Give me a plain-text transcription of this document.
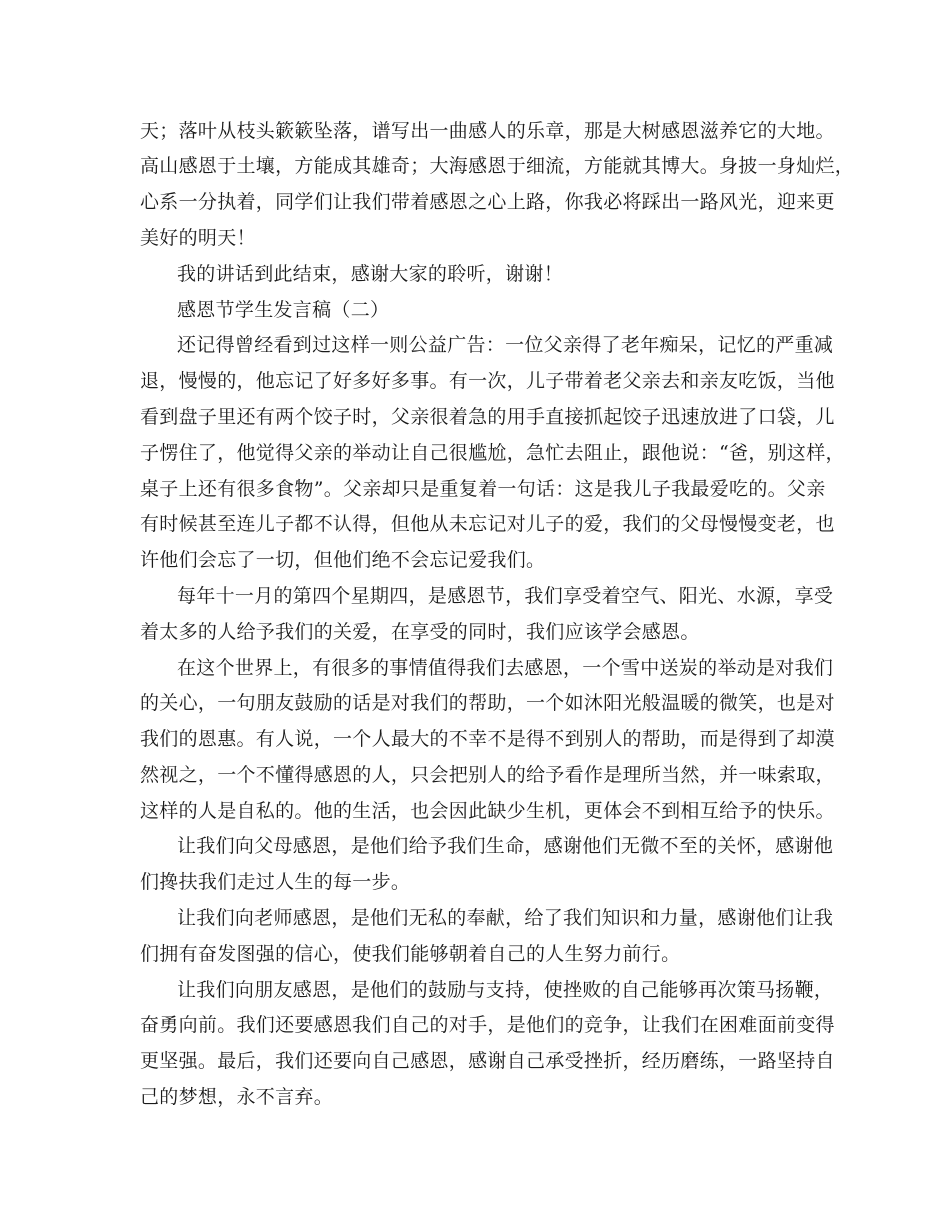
天；落叶从枝头簌簌坠落，谱写出一曲感人的乐章，那是大树感恩滋养它的大地。
高山感恩于土壤，方能成其雄奇；大海感恩于细流，方能就其博大。身披一身灿烂，
心系一分执着，同学们让我们带着感恩之心上路，你我必将踩出一路风光，迎来更
美好的明天！
我的讲话到此结束，感谢大家的聆听，谢谢！
感恩节学生发言稿（二）
还记得曾经看到过这样一则公益广告：一位父亲得了老年痴呆，记忆的严重减
退，慢慢的，他忘记了好多好多事。有一次，儿子带着老父亲去和亲友吃饭，当他
看到盘子里还有两个饺子时，父亲很着急的用手直接抓起饺子迅速放进了口袋，儿
子愣住了，他觉得父亲的举动让自己很尴尬，急忙去阻止，跟他说：“爸，别这样，
桌子上还有很多食物”。父亲却只是重复着一句话：这是我儿子我最爱吃的。父亲
有时候甚至连儿子都不认得，但他从未忘记对儿子的爱，我们的父母慢慢变老，也
许他们会忘了一切，但他们绝不会忘记爱我们。
每年十一月的第四个星期四，是感恩节，我们享受着空气、阳光、水源，享受
着太多的人给予我们的关爱，在享受的同时，我们应该学会感恩。
在这个世界上，有很多的事情值得我们去感恩，一个雪中送炭的举动是对我们
的关心，一句朋友鼓励的话是对我们的帮助，一个如沐阳光般温暖的微笑，也是对
我们的恩惠。有人说，一个人最大的不幸不是得不到别人的帮助，而是得到了却漠
然视之，一个不懂得感恩的人，只会把别人的给予看作是理所当然，并一味索取，
这样的人是自私的。他的生活，也会因此缺少生机，更体会不到相互给予的快乐。
让我们向父母感恩，是他们给予我们生命，感谢他们无微不至的关怀，感谢他
们搀扶我们走过人生的每一步。
让我们向老师感恩，是他们无私的奉献，给了我们知识和力量，感谢他们让我
们拥有奋发图强的信心，使我们能够朝着自己的人生努力前行。
让我们向朋友感恩，是他们的鼓励与支持，使挫败的自己能够再次策马扬鞭，
奋勇向前。我们还要感恩我们自己的对手，是他们的竞争，让我们在困难面前变得
更坚强。最后，我们还要向自己感恩，感谢自己承受挫折，经历磨练，一路坚持自
己的梦想，永不言弃。
